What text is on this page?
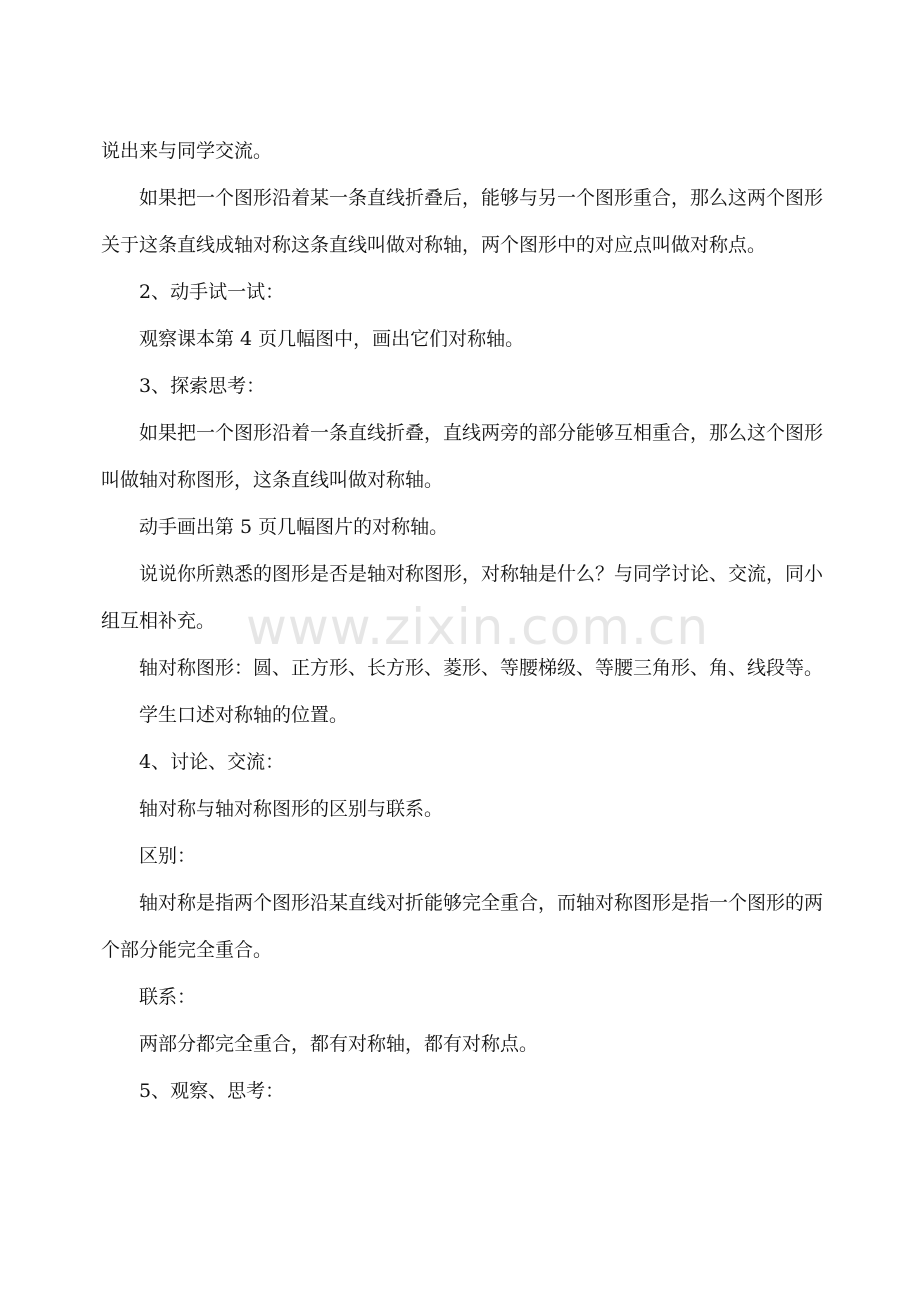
说出来与同学交流。

如果把一个图形沿着某一条直线折叠后，能够与另一个图形重合，那么这两个图形关于这条直线成轴对称这条直线叫做对称轴，两个图形中的对应点叫做对称点。

2、动手试一试：

观察课本第 4 页几幅图中，画出它们对称轴。

3、探索思考：

如果把一个图形沿着一条直线折叠，直线两旁的部分能够互相重合，那么这个图形叫做轴对称图形，这条直线叫做对称轴。

动手画出第 5 页几幅图片的对称轴。

说说你所熟悉的图形是否是轴对称图形，对称轴是什么？与同学讨论、交流，同小组互相补充。

轴对称图形：圆、正方形、长方形、菱形、等腰梯级、等腰三角形、角、线段等。

学生口述对称轴的位置。

4、讨论、交流：

轴对称与轴对称图形的区别与联系。

区别：

轴对称是指两个图形沿某直线对折能够完全重合，而轴对称图形是指一个图形的两个部分能完全重合。

联系：

两部分都完全重合，都有对称轴，都有对称点。

5、观察、思考：

www.zixin.com.cn
